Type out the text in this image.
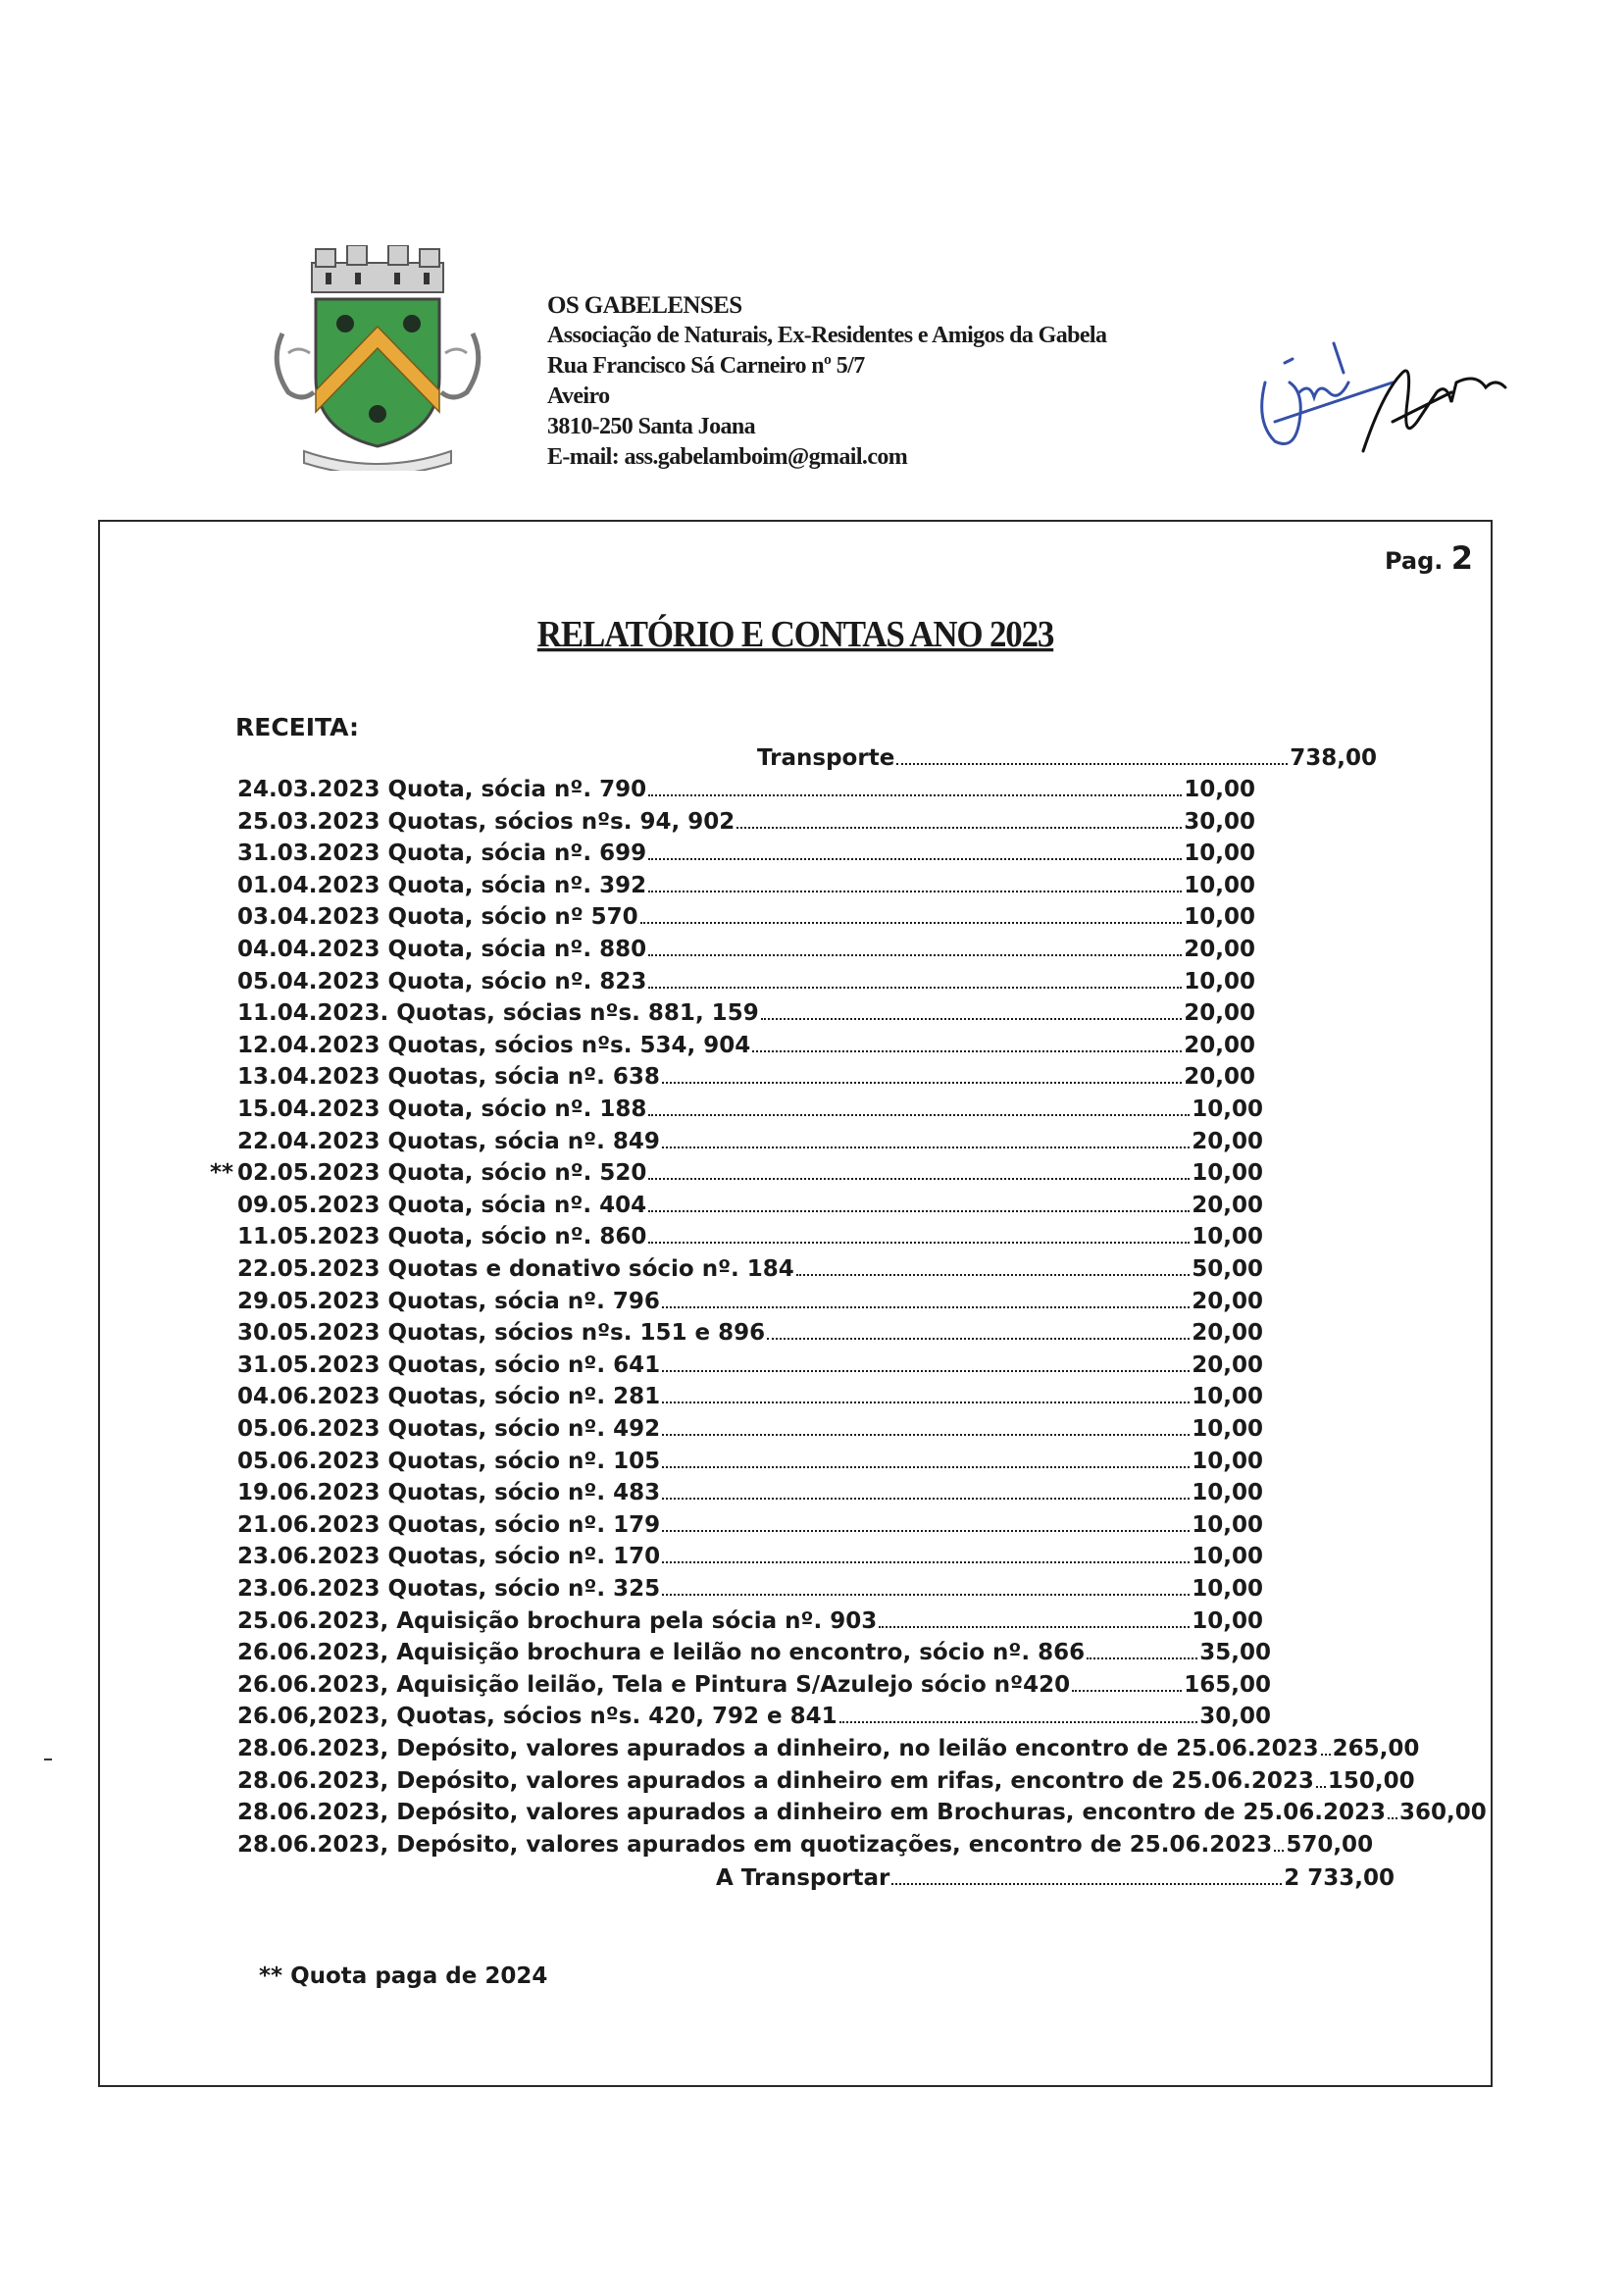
OS GABELENSES
Associação de Naturais, Ex-Residentes e Amigos da Gabela
Rua Francisco Sá Carneiro nº 5/7
Aveiro
3810-250 Santa Joana
E-mail: ass.gabelamboim@gmail.com
Pag. 2
RELATÓRIO E CONTAS ANO 2023
RECEITA:
Transporte	738,00
24.03.2023 Quota, sócia nº. 790	10,00
25.03.2023 Quotas, sócios nºs. 94, 902	30,00
31.03.2023 Quota, sócia nº. 699	10,00
01.04.2023 Quota, sócia nº. 392	10,00
03.04.2023 Quota, sócio nº 570	10,00
04.04.2023 Quota, sócia nº. 880	20,00
05.04.2023 Quota, sócio nº. 823	10,00
11.04.2023. Quotas, sócias nºs. 881, 159	20,00
12.04.2023 Quotas, sócios nºs. 534, 904	20,00
13.04.2023 Quotas, sócia nº. 638	20,00
15.04.2023 Quota, sócio nº. 188	10,00
22.04.2023 Quotas, sócia nº. 849	20,00
02.05.2023 Quota, sócio nº. 520	10,00
**
09.05.2023 Quota, sócia nº. 404	20,00
11.05.2023 Quota, sócio nº. 860	10,00
22.05.2023 Quotas e donativo sócio nº. 184	50,00
29.05.2023 Quotas, sócia nº. 796	20,00
30.05.2023 Quotas, sócios nºs. 151 e 896	20,00
31.05.2023 Quotas, sócio nº. 641	20,00
04.06.2023 Quotas, sócio nº. 281	10,00
05.06.2023 Quotas, sócio nº. 492	10,00
05.06.2023 Quotas, sócio nº. 105	10,00
19.06.2023 Quotas, sócio nº. 483	10,00
21.06.2023 Quotas, sócio nº. 179	10,00
23.06.2023 Quotas, sócio nº. 170	10,00
23.06.2023 Quotas, sócio nº. 325	10,00
25.06.2023, Aquisição brochura pela sócia nº. 903	10,00
26.06.2023, Aquisição brochura e leilão no encontro, sócio nº. 866	35,00
26.06.2023, Aquisição leilão, Tela e Pintura S/Azulejo sócio nº420	165,00
26.06,2023, Quotas, sócios nºs. 420, 792 e 841	30,00
28.06.2023, Depósito, valores apurados a dinheiro, no leilão encontro de 25.06.2023 265,00
28.06.2023, Depósito, valores apurados a dinheiro em rifas, encontro de 25.06.2023 150,00
28.06.2023, Depósito, valores apurados a dinheiro em Brochuras, encontro de 25.06.2023 360,00
28.06.2023, Depósito, valores apurados em quotizações, encontro de 25.06.2023 570,00
A Transportar	2 733,00
** Quota paga de 2024
